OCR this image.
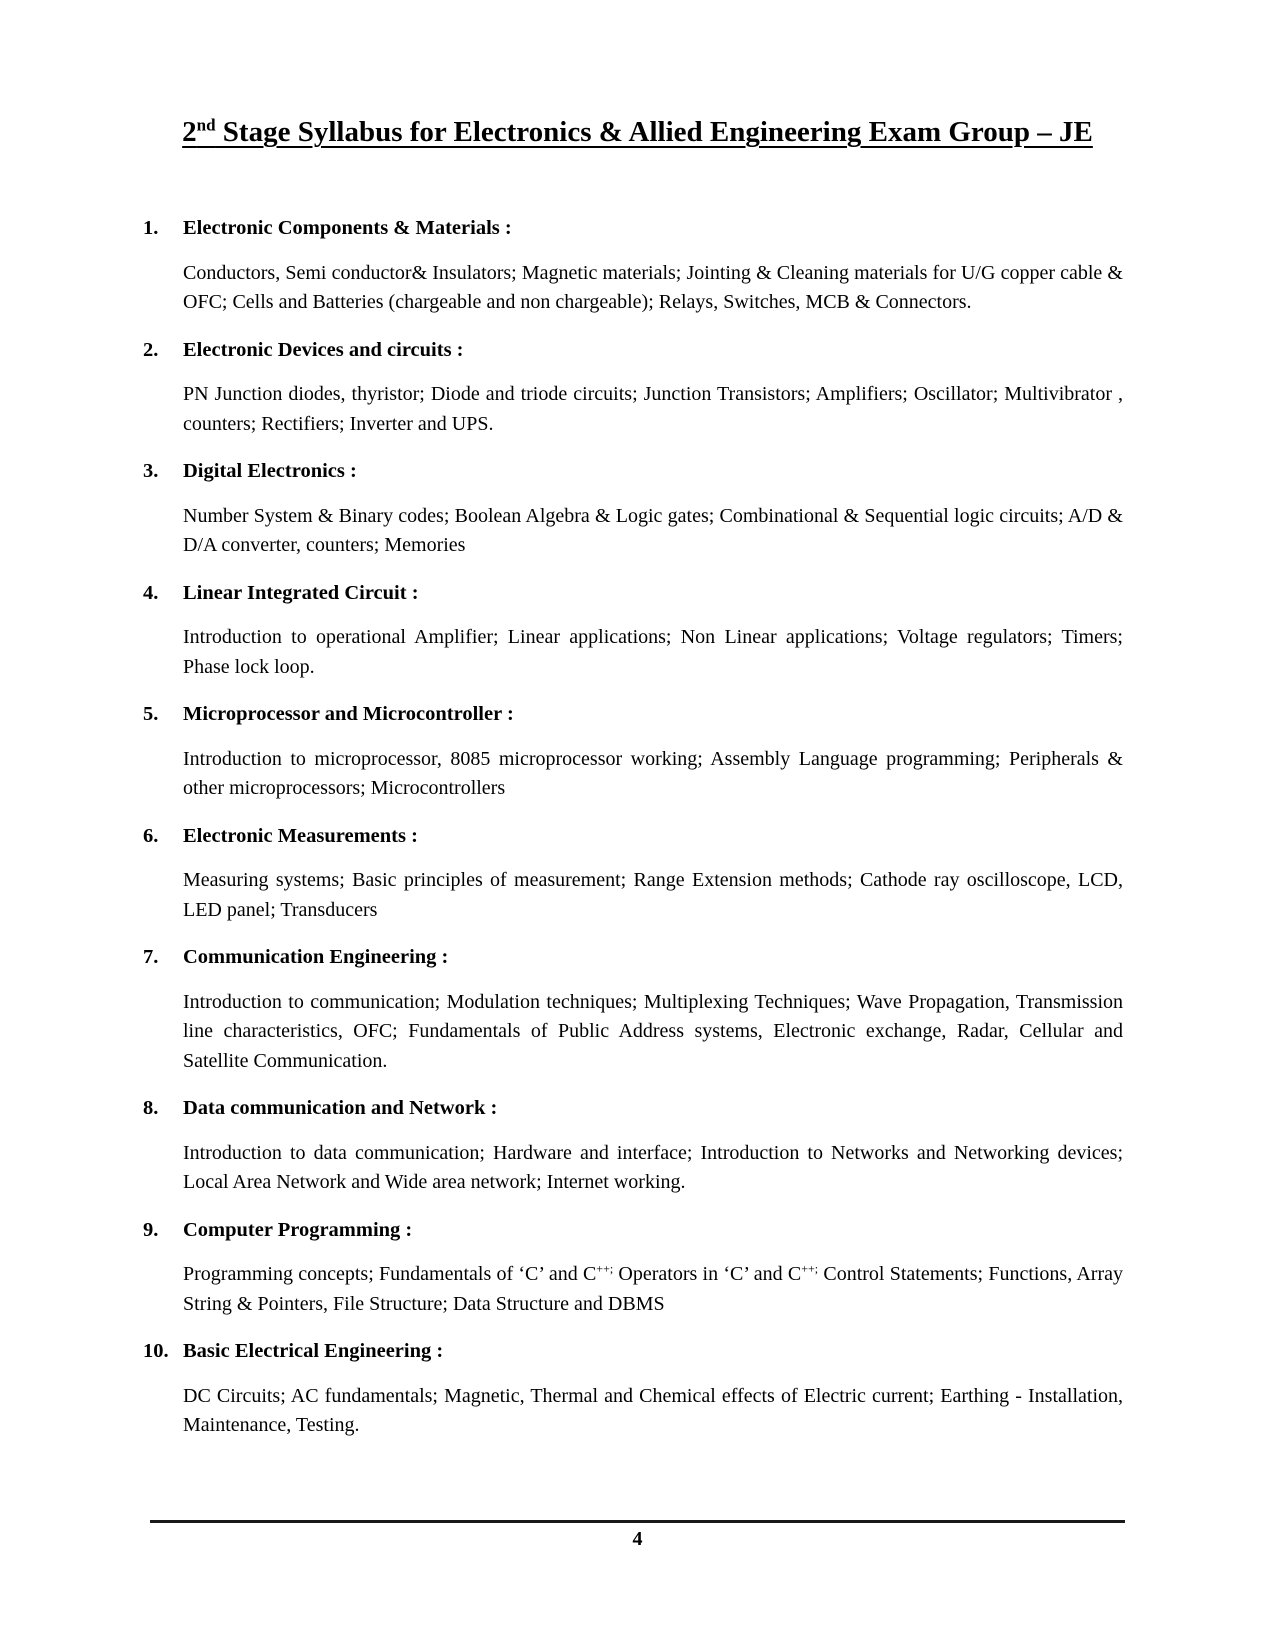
2nd Stage Syllabus for Electronics & Allied Engineering Exam Group – JE

1. Electronic Components & Materials :

Conductors, Semi conductor& Insulators; Magnetic materials; Jointing & Cleaning materials for U/G copper cable & OFC; Cells and Batteries (chargeable and non chargeable); Relays, Switches, MCB & Connectors.

2. Electronic Devices and circuits :

PN Junction diodes, thyristor; Diode and triode circuits; Junction Transistors; Amplifiers; Oscillator; Multivibrator , counters; Rectifiers; Inverter and UPS.

3. Digital Electronics :

Number System & Binary codes; Boolean Algebra & Logic gates; Combinational & Sequential logic circuits; A/D & D/A converter, counters; Memories

4. Linear Integrated Circuit :

Introduction to operational Amplifier; Linear applications; Non Linear applications; Voltage regulators; Timers; Phase lock loop.

5. Microprocessor and Microcontroller :

Introduction to microprocessor, 8085 microprocessor working; Assembly Language programming; Peripherals & other microprocessors; Microcontrollers

6. Electronic Measurements :

Measuring systems; Basic principles of measurement; Range Extension methods; Cathode ray oscilloscope, LCD, LED panel; Transducers

7. Communication Engineering :

Introduction to communication; Modulation techniques; Multiplexing Techniques; Wave Propagation, Transmission line characteristics, OFC; Fundamentals of Public Address systems, Electronic exchange, Radar, Cellular and Satellite Communication.

8. Data communication and Network :

Introduction to data communication; Hardware and interface; Introduction to Networks and Networking devices; Local Area Network and Wide area network; Internet working.

9. Computer Programming :

Programming concepts; Fundamentals of ‘C’ and C++; Operators in ‘C’ and C++; Control Statements; Functions, Array String & Pointers, File Structure; Data Structure and DBMS

10. Basic Electrical Engineering :

DC Circuits; AC fundamentals; Magnetic, Thermal and Chemical effects of Electric current; Earthing - Installation, Maintenance, Testing.

4
